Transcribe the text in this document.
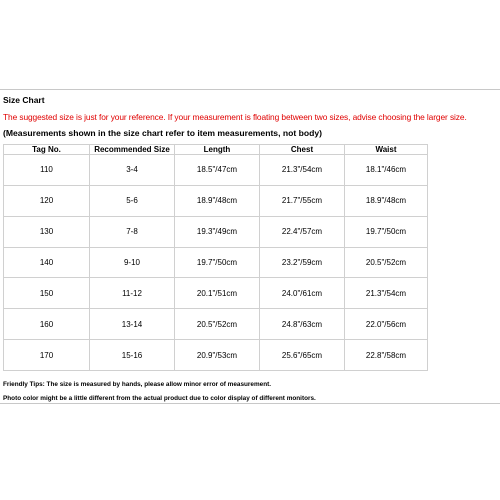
Size Chart
The suggested size is just for your reference. If your measurement is floating between two sizes, advise choosing the larger size.
(Measurements shown in the size chart refer to item measurements, not body)
Tag No.	Recommended Size	Length	Chest	Waist
110	3-4	18.5"/47cm	21.3"/54cm	18.1"/46cm
120	5-6	18.9"/48cm	21.7"/55cm	18.9"/48cm
130	7-8	19.3"/49cm	22.4"/57cm	19.7"/50cm
140	9-10	19.7"/50cm	23.2"/59cm	20.5"/52cm
150	11-12	20.1"/51cm	24.0"/61cm	21.3"/54cm
160	13-14	20.5"/52cm	24.8"/63cm	22.0"/56cm
170	15-16	20.9"/53cm	25.6"/65cm	22.8"/58cm
Friendly Tips: The size is measured by hands, please allow minor error of measurement.
Photo color might be a little different from the actual product due to color display of different monitors.
